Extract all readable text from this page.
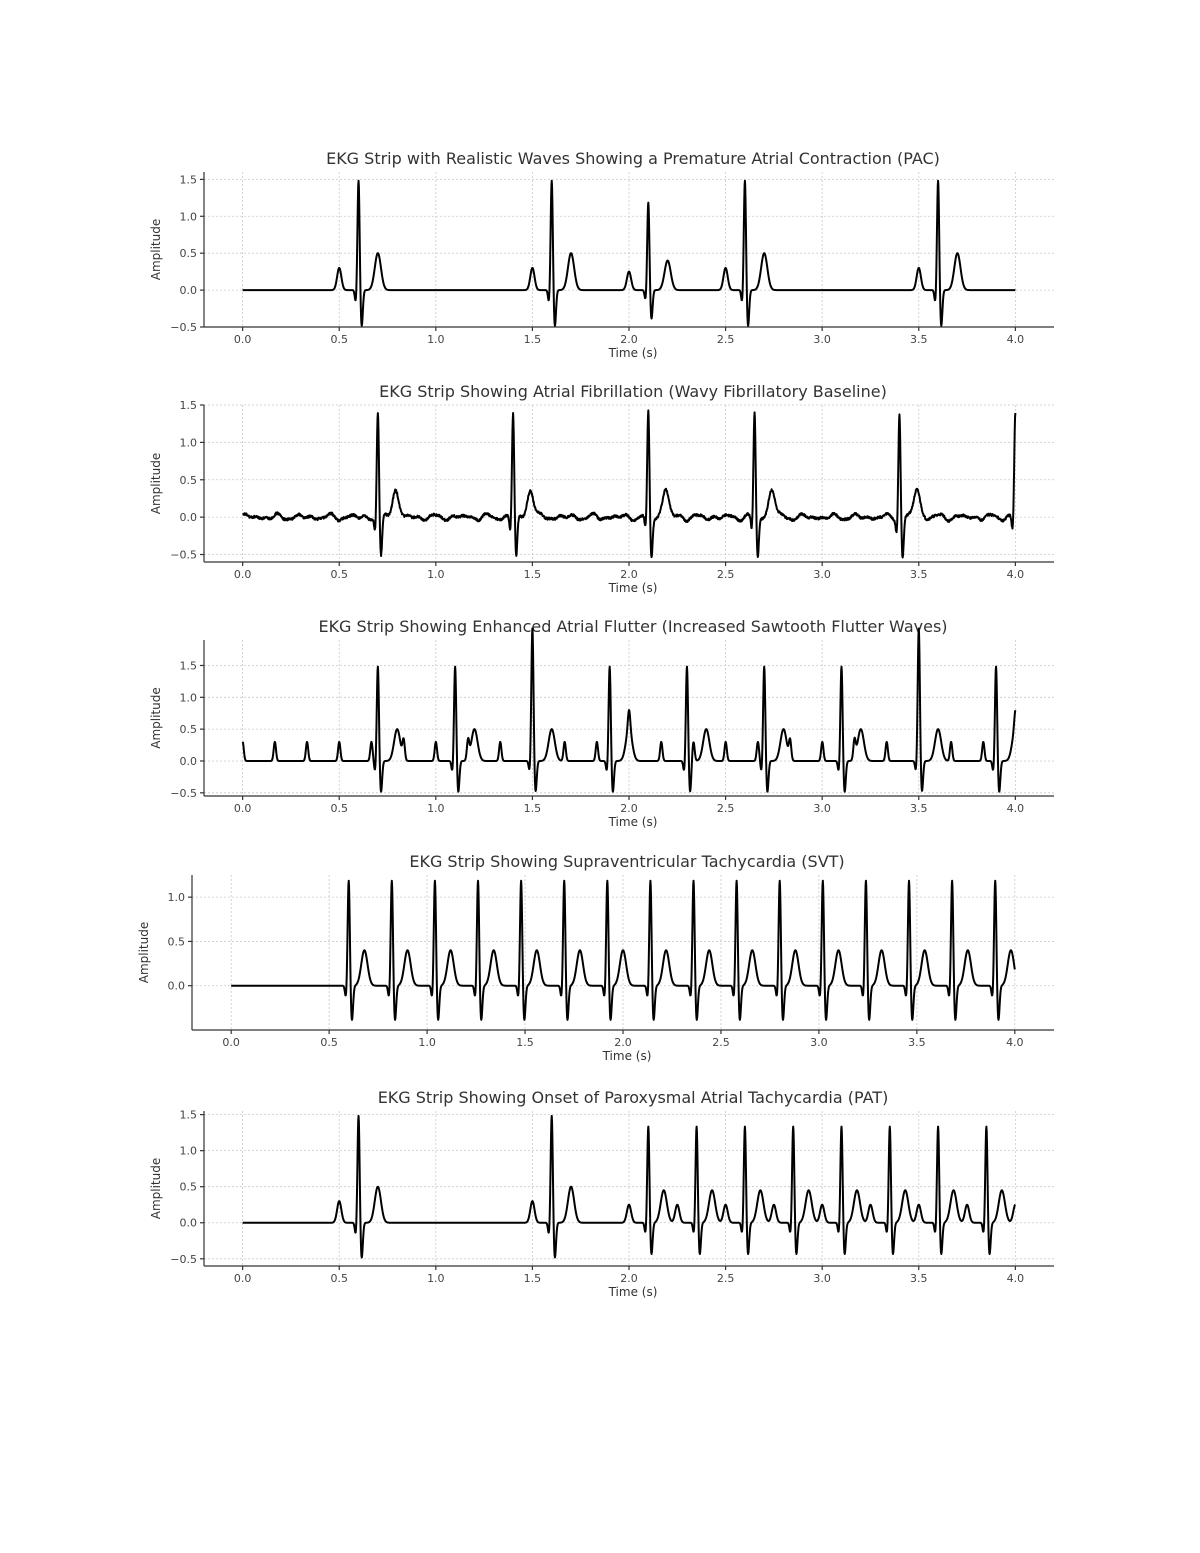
0.0	0.5	1.0	1.5	2.0	2.5	3.0	3.5	4.0
−0.5
0.0
0.5
1.0
1.5
EKG Strip with Realistic Waves Showing a Premature Atrial Contraction (PAC)
Time (s)
Amplitude
0.0	0.5	1.0	1.5	2.0	2.5	3.0	3.5	4.0
−0.5
0.0
0.5
1.0
1.5
EKG Strip Showing Atrial Fibrillation (Wavy Fibrillatory Baseline)
Time (s)
Amplitude
0.0	0.5	1.0	1.5	2.0	2.5	3.0	3.5	4.0
−0.5
0.0
0.5
1.0
1.5
EKG Strip Showing Enhanced Atrial Flutter (Increased Sawtooth Flutter Waves)
Time (s)
Amplitude
0.0	0.5	1.0	1.5	2.0	2.5	3.0	3.5	4.0
0.0
0.5
1.0
EKG Strip Showing Supraventricular Tachycardia (SVT)
Time (s)
Amplitude
0.0	0.5	1.0	1.5	2.0	2.5	3.0	3.5	4.0
−0.5
0.0
0.5
1.0
1.5
EKG Strip Showing Onset of Paroxysmal Atrial Tachycardia (PAT)
Time (s)
Amplitude
